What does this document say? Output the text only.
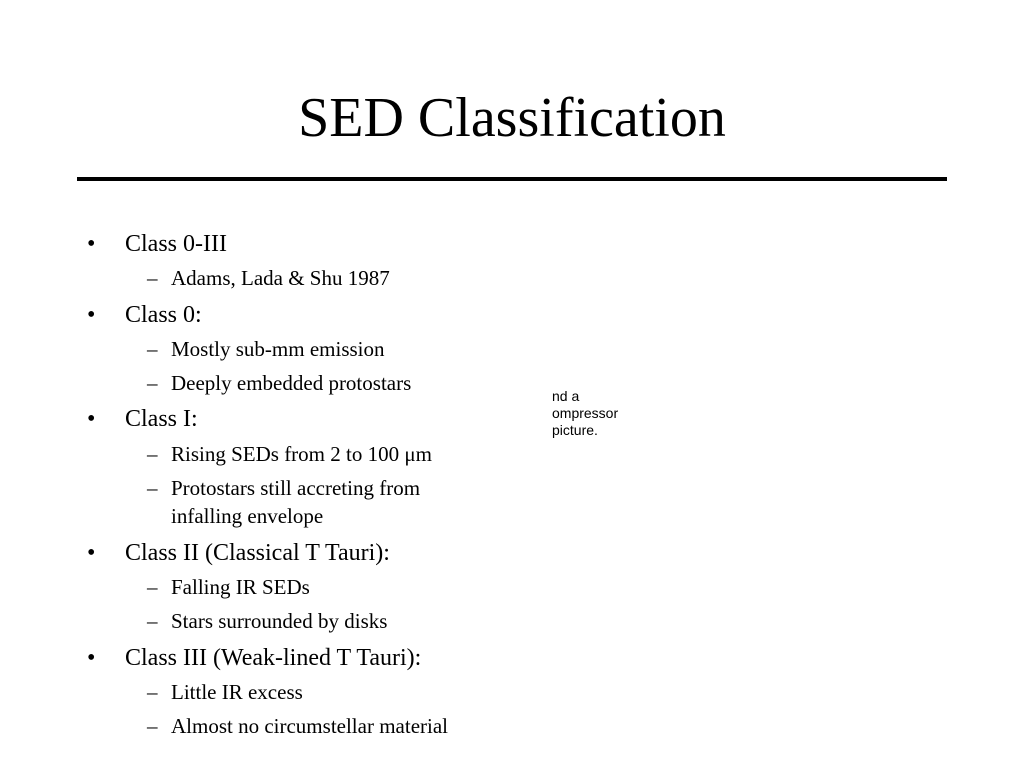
SED Classification
• Class 0-III
– Adams, Lada & Shu 1987
• Class 0:
– Mostly sub-mm emission
– Deeply embedded protostars
• Class I:
– Rising SEDs from 2 to 100 μm
– Protostars still accreting from
infalling envelope
• Class II (Classical T Tauri):
– Falling IR SEDs
– Stars surrounded by disks
• Class III (Weak-lined T Tauri):
– Little IR excess
– Almost no circumstellar material
nd a
ompressor
picture.
